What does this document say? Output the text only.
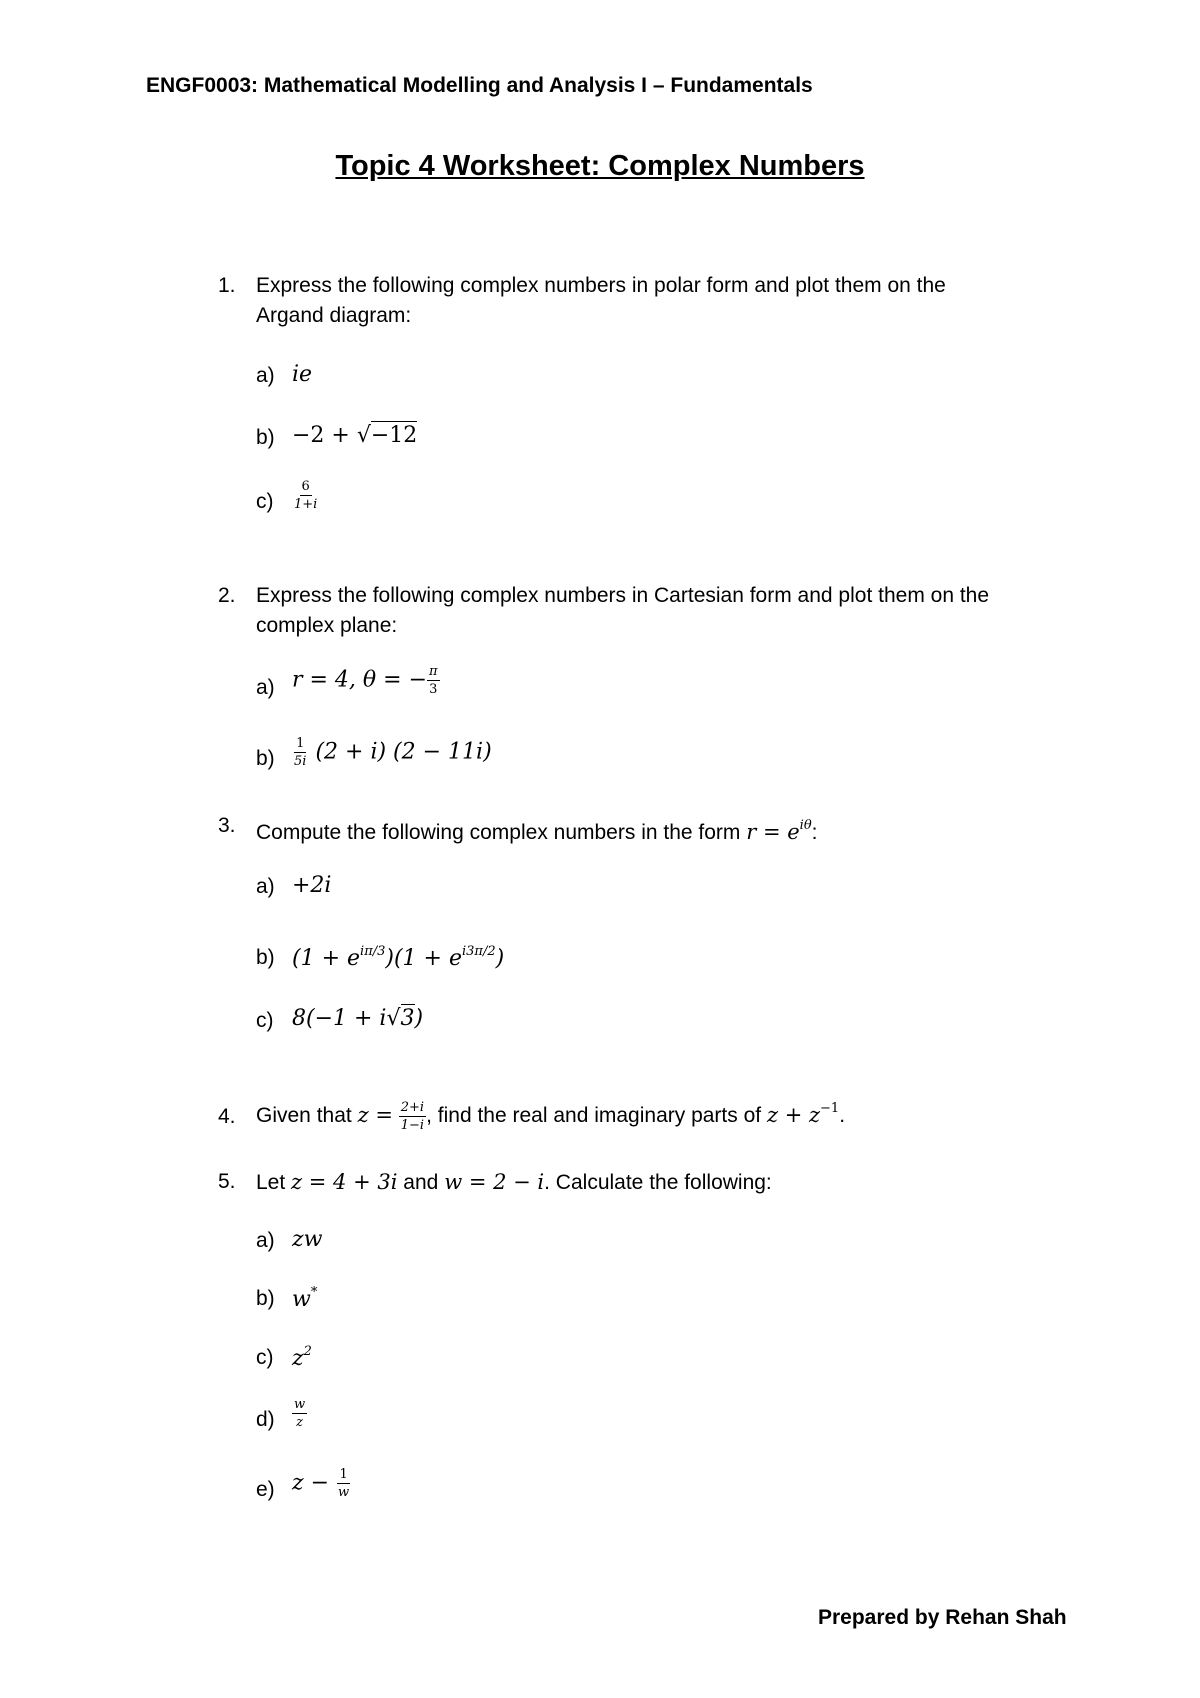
ENGF0003: Mathematical Modelling and Analysis I – Fundamentals
Topic 4 Worksheet: Complex Numbers
1. Express the following complex numbers in polar form and plot them on the
Argand diagram:
a) ie
b) −2 + √−12
$c) \frac{6}{1+i}$
2. Express the following complex numbers in Cartesian form and plot them on the
complex plane:
a) r = 4, θ = − $\frac{\pi}{3}$
$b) \frac{1}{5i} (2 + i) (2 - 11i)$
3. Compute the following complex numbers in the form $r = e^{i\theta}$:
a) +2i
b) $(1 + e^{i\pi/3})(1 + e^{i3\pi/2})$
c) 8(−1 + i√3)
4. Given that $z = \frac{2+i}{1-i}$ , find the real and imaginary parts of $z + z^{-1}$.
5. Let z = 4 + 3i and w = 2 − i. Calculate the following:
a) zw
b) w*
c) $z^2$
$d) \frac{w}{z}$
e) $z - \frac{1}{w}$
Prepared by Rehan Shah
